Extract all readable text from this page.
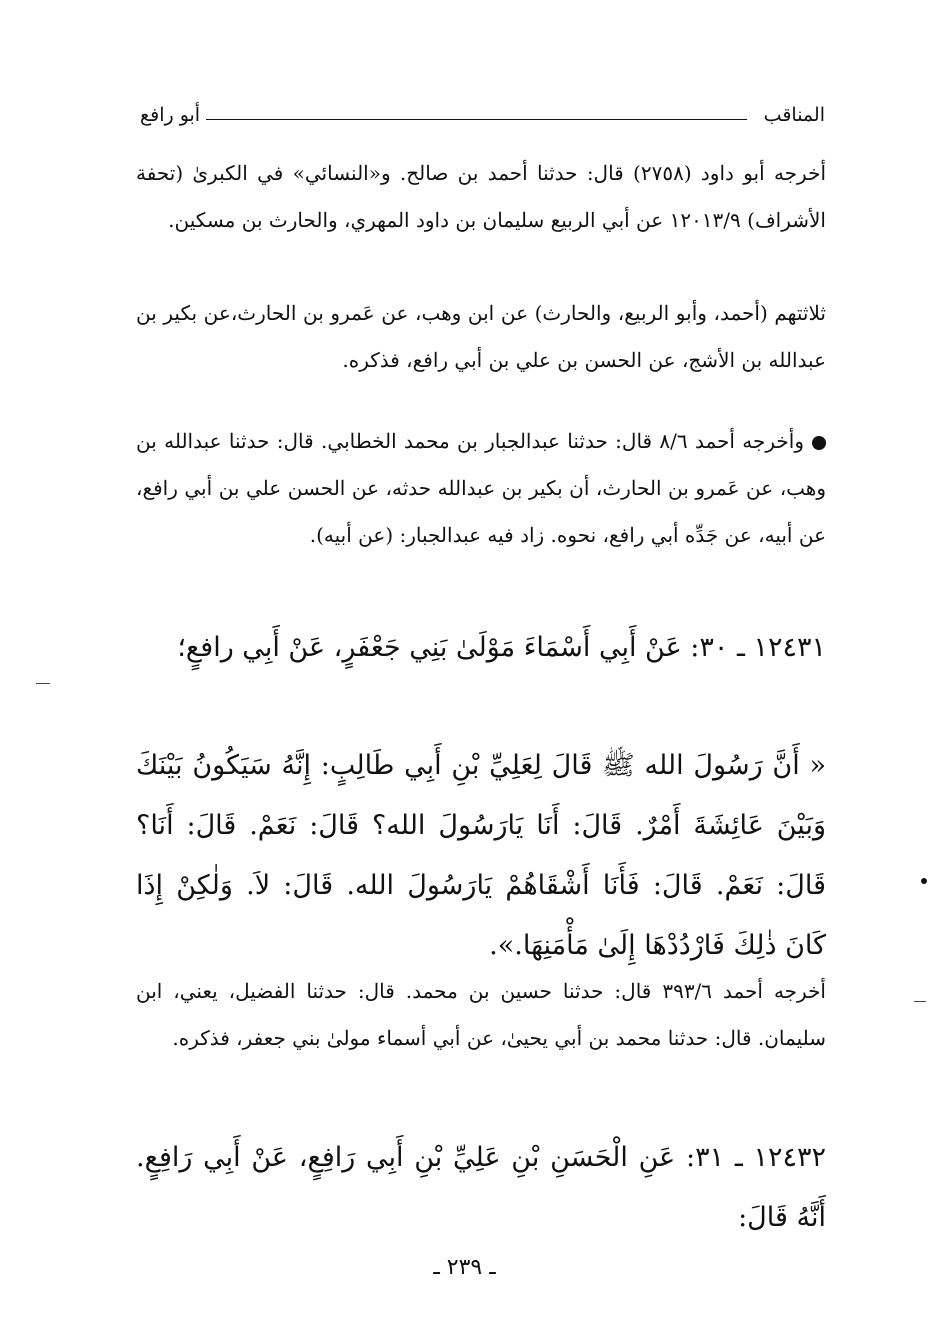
المناقب
أبو رافع
أخرجه أبو داود (٢٧٥٨) قال: حدثنا أحمد بن صالح. و«النسائي» في الكبرىٰ (تحفة الأشراف) ١٢٠١٣/٩ عن أبي الربيع سليمان بن داود المهري، والحارث بن مسكين.
ثلاثتهم (أحمد، وأبو الربيع، والحارث) عن ابن وهب، عن عَمرو بن الحارث،عن بكير بن عبدالله بن الأشج، عن الحسن بن علي بن أبي رافع، فذكره.
وأخرجه أحمد ٨/٦ قال: حدثنا عبدالجبار بن محمد الخطابي. قال: حدثنا عبدالله بن وهب، عن عَمرو بن الحارث، أن بكير بن عبدالله حدثه، عن الحسن علي بن أبي رافع، عن أبيه، عن جَدِّه أبي رافع، نحوه. زاد فيه عبدالجبار: (عن أبيه).
١٢٤٣١ ـ ٣٠: عَنْ أَبِي أَسْمَاءَ مَوْلَىٰ بَنِي جَعْفَرٍ، عَنْ أَبِي رافعٍ؛
« أَنَّ رَسُولَ الله ﷺ قَالَ لِعَلِيِّ بْنِ أَبِي طَالِبٍ: إِنَّهُ سَيَكُونُ بَيْنَكَ وَبَيْنَ عَائِشَةَ أَمْرٌ. قَالَ: أَنَا يَارَسُولَ الله؟ قَالَ: نَعَمْ. قَالَ: أَنَا؟ قَالَ: نَعَمْ. قَالَ: فَأَنَا أَشْقَاهُمْ يَارَسُولَ الله. قَالَ: لاَ. وَلٰكِنْ إِذَا كَانَ ذٰلِكَ فَارْدُدْهَا إِلَىٰ مَأْمَنِهَا.».
أخرجه أحمد ٣٩٣/٦ قال: حدثنا حسين بن محمد. قال: حدثنا الفضيل، يعني، ابن سليمان. قال: حدثنا محمد بن أبي يحيىٰ، عن أبي أسماء مولىٰ بني جعفر، فذكره.
١٢٤٣٢ ـ ٣١: عَنِ الْحَسَنِ بْنِ عَلِيِّ بْنِ أَبِي رَافِعٍ، عَنْ أَبِي رَافِعٍ. أَنَّهُ قَالَ:
ـ ٢٣٩ ـ
